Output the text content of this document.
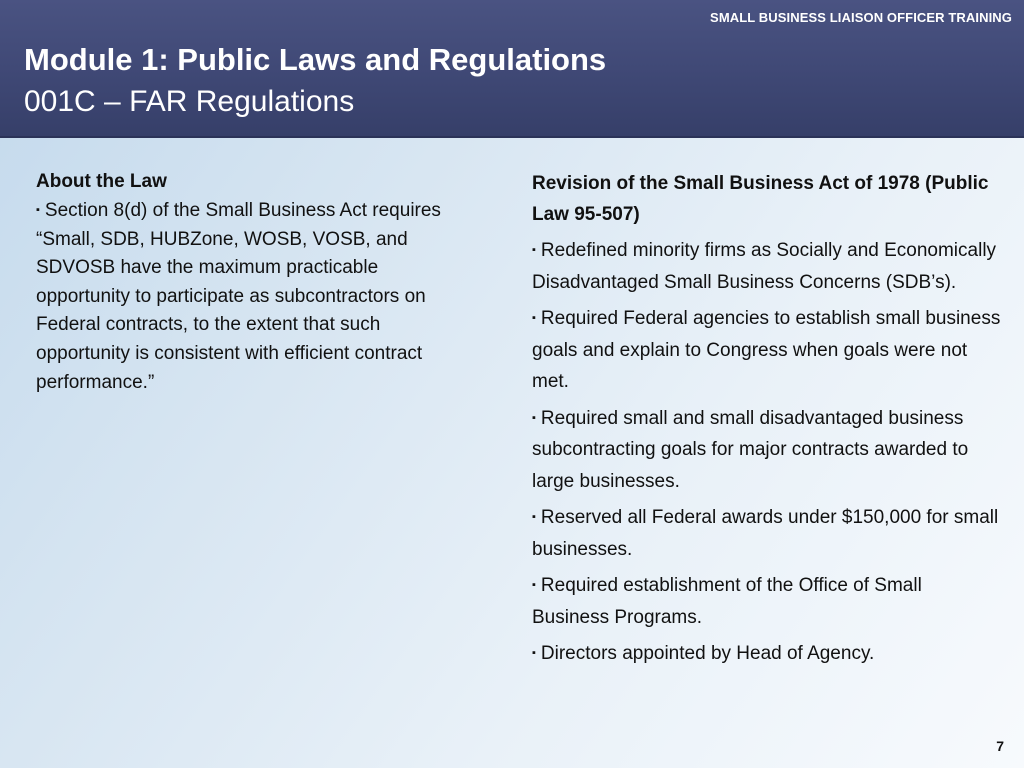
SMALL BUSINESS LIAISON OFFICER TRAINING
Module 1: Public Laws and Regulations
001C – FAR Regulations

About the Law

▪ Section 8(d) of the Small Business Act requires “Small, SDB, HUBZone, WOSB, VOSB, and SDVOSB have the maximum practicable opportunity to participate as subcontractors on Federal contracts, to the extent that such opportunity is consistent with efficient contract performance.”

Revision of the Small Business Act of 1978 (Public Law 95-507)

▪ Redefined minority firms as Socially and Economically Disadvantaged Small Business Concerns (SDB’s).

▪ Required Federal agencies to establish small business goals and explain to Congress when goals were not met.

▪ Required small and small disadvantaged business subcontracting goals for major contracts awarded to large businesses.

▪ Reserved all Federal awards under $150,000 for small businesses.

▪ Required establishment of the Office of Small Business Programs.

▪ Directors appointed by Head of Agency.

7
